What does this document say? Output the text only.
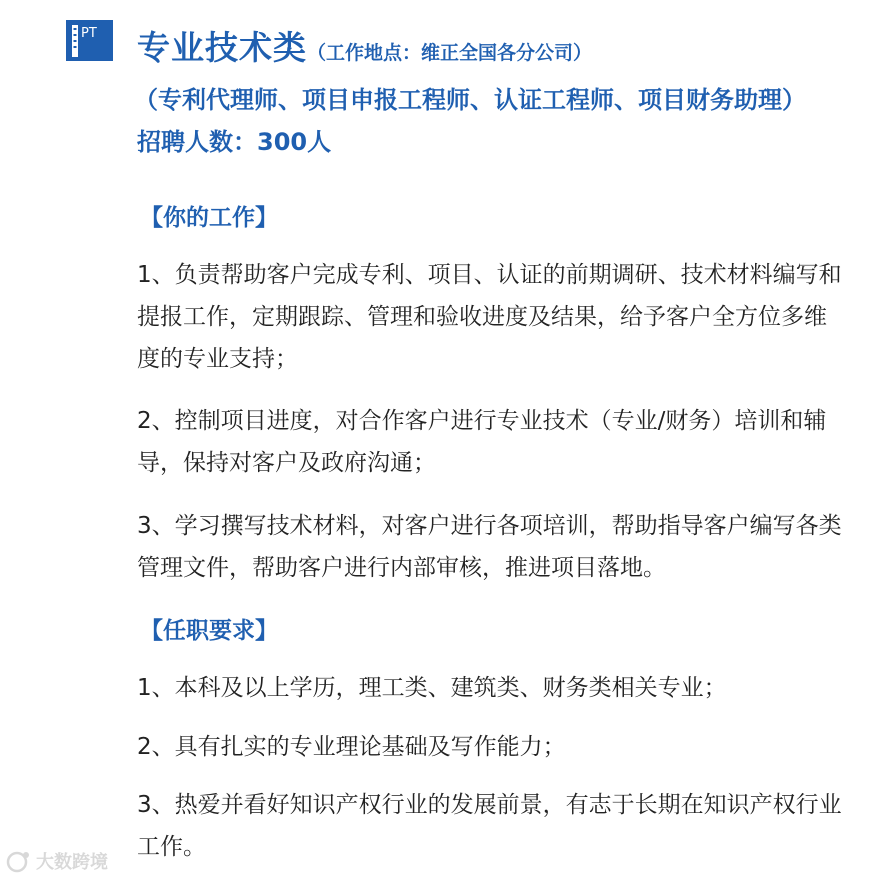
PT 专业技术类（工作地点：维正全国各分公司）
（专利代理师、项目申报工程师、认证工程师、项目财务助理）
招聘人数：300人
【你的工作】

1、负责帮助客户完成专利、项目、认证的前期调研、技术材料编写和提报工作，定期跟踪、管理和验收进度及结果，给予客户全方位多维度的专业支持；

2、控制项目进度，对合作客户进行专业技术（专业/财务）培训和辅导，保持对客户及政府沟通；

3、学习撰写技术材料，对客户进行各项培训，帮助指导客户编写各类管理文件，帮助客户进行内部审核，推进项目落地。

【任职要求】

1、本科及以上学历，理工类、建筑类、财务类相关专业；

2、具有扎实的专业理论基础及写作能力；

3、热爱并看好知识产权行业的发展前景，有志于长期在知识产权行业工作。

大数跨境
